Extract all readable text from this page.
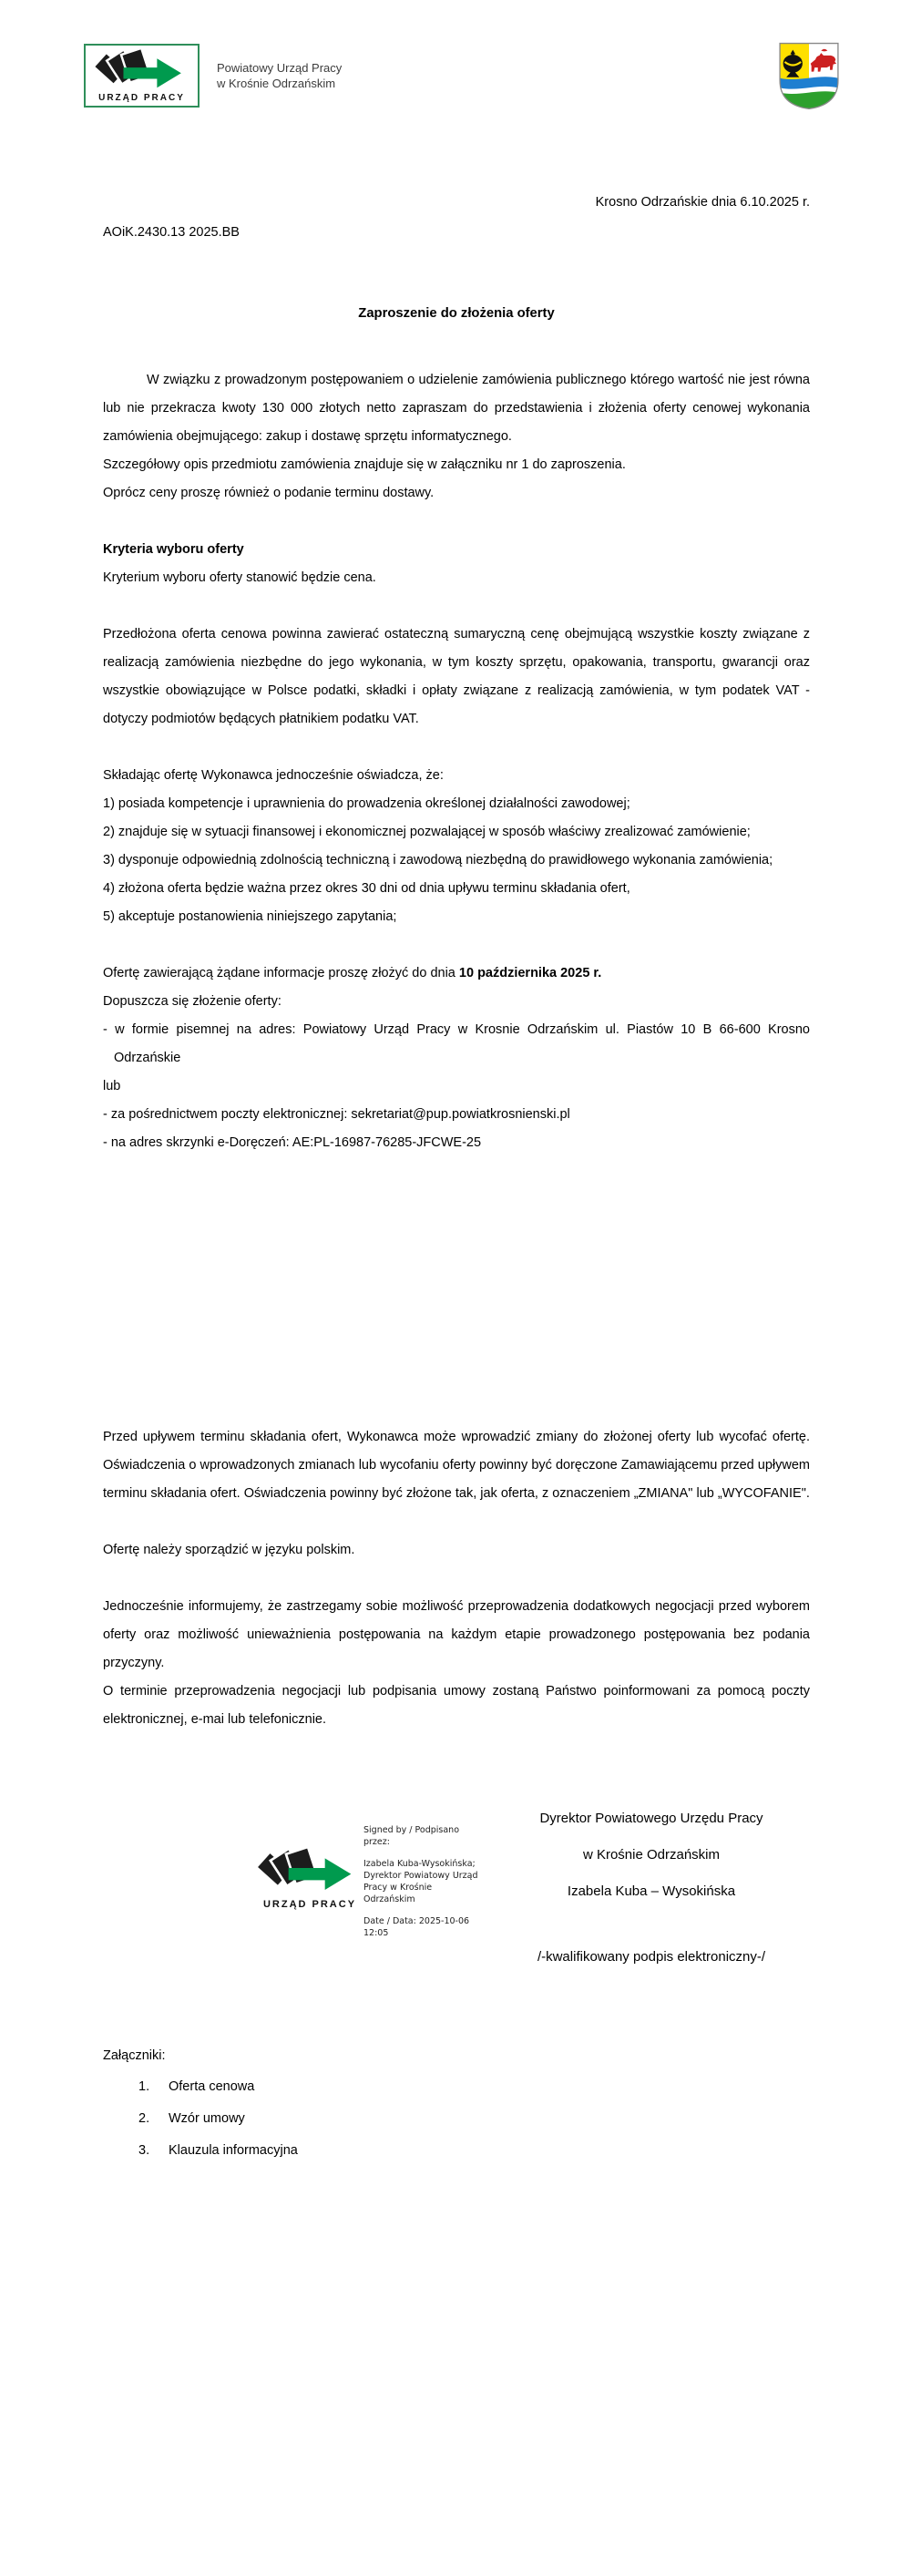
URZĄD PRACY
Powiatowy Urząd Pracy
w Krośnie Odrzańskim
Krosno Odrzańskie dnia 6.10.2025 r.
AOiK.2430.13 2025.BB
Zaproszenie do złożenia oferty

W związku z prowadzonym postępowaniem o udzielenie zamówienia publicznego którego wartość nie jest równa lub nie przekracza kwoty 130 000 złotych netto zapraszam do przedstawienia i złożenia oferty cenowej wykonania zamówienia obejmującego: zakup i dostawę sprzętu informatycznego.

Szczegółowy opis przedmiotu zamówienia znajduje się w załączniku nr 1 do zaproszenia.

Oprócz ceny proszę również o podanie terminu dostawy.

Kryteria wyboru oferty

Kryterium wyboru oferty stanowić będzie cena.

Przedłożona oferta cenowa powinna zawierać ostateczną sumaryczną cenę obejmującą wszystkie koszty związane z realizacją zamówienia niezbędne do jego wykonania, w tym koszty sprzętu, opakowania, transportu, gwarancji oraz wszystkie obowiązujące w Polsce podatki, składki i opłaty związane z realizacją zamówienia, w tym podatek VAT - dotyczy podmiotów będących płatnikiem podatku VAT.

Składając ofertę Wykonawca jednocześnie oświadcza, że:

1) posiada kompetencje i uprawnienia do prowadzenia określonej działalności zawodowej;

2) znajduje się w sytuacji finansowej i ekonomicznej pozwalającej w sposób właściwy zrealizować zamówienie;

3) dysponuje odpowiednią zdolnością techniczną i zawodową niezbędną do prawidłowego wykonania zamówienia;

4) złożona oferta będzie ważna przez okres 30 dni od dnia upływu terminu składania ofert,

5) akceptuje postanowienia niniejszego zapytania;

Ofertę zawierającą żądane informacje proszę złożyć do dnia 10 października 2025 r.

Dopuszcza się złożenie oferty:

- w formie pisemnej na adres: Powiatowy Urząd Pracy w Krosnie Odrzańskim ul. Piastów 10 B 66-600 Krosno

Odrzańskie

lub

- za pośrednictwem poczty elektronicznej: sekretariat@pup.powiatkrosnienski.pl

- na adres skrzynki e-Doręczeń: AE:PL-16987-76285-JFCWE-25

Przed upływem terminu składania ofert, Wykonawca może wprowadzić zmiany do złożonej oferty lub wycofać ofertę. Oświadczenia o wprowadzonych zmianach lub wycofaniu oferty powinny być doręczone Zamawiającemu przed upływem terminu składania ofert. Oświadczenia powinny być złożone tak, jak oferta, z oznaczeniem „ZMIANA" lub „WYCOFANIE".

Ofertę należy sporządzić w języku polskim.

Jednocześnie informujemy, że zastrzegamy sobie możliwość przeprowadzenia dodatkowych negocjacji przed wyborem oferty oraz możliwość unieważnienia postępowania na każdym etapie prowadzonego postępowania bez podania przyczyny.

O terminie przeprowadzenia negocjacji lub podpisania umowy zostaną Państwo poinformowani za pomocą poczty elektronicznej, e-mai lub telefonicznie.

URZĄD PRACY
Signed by / Podpisano przez:
Izabela Kuba-Wysokińska; Dyrektor Powiatowy Urząd Pracy w Krośnie Odrzańskim
Date / Data: 2025-10-06 12:05
Dyrektor Powiatowego Urzędu Pracy
w Krośnie Odrzańskim
Izabela Kuba – Wysokińska
/-kwalifikowany podpis elektroniczny-/
Załączniki:
1.	Oferta cenowa
2.	Wzór umowy
3.	Klauzula informacyjna
